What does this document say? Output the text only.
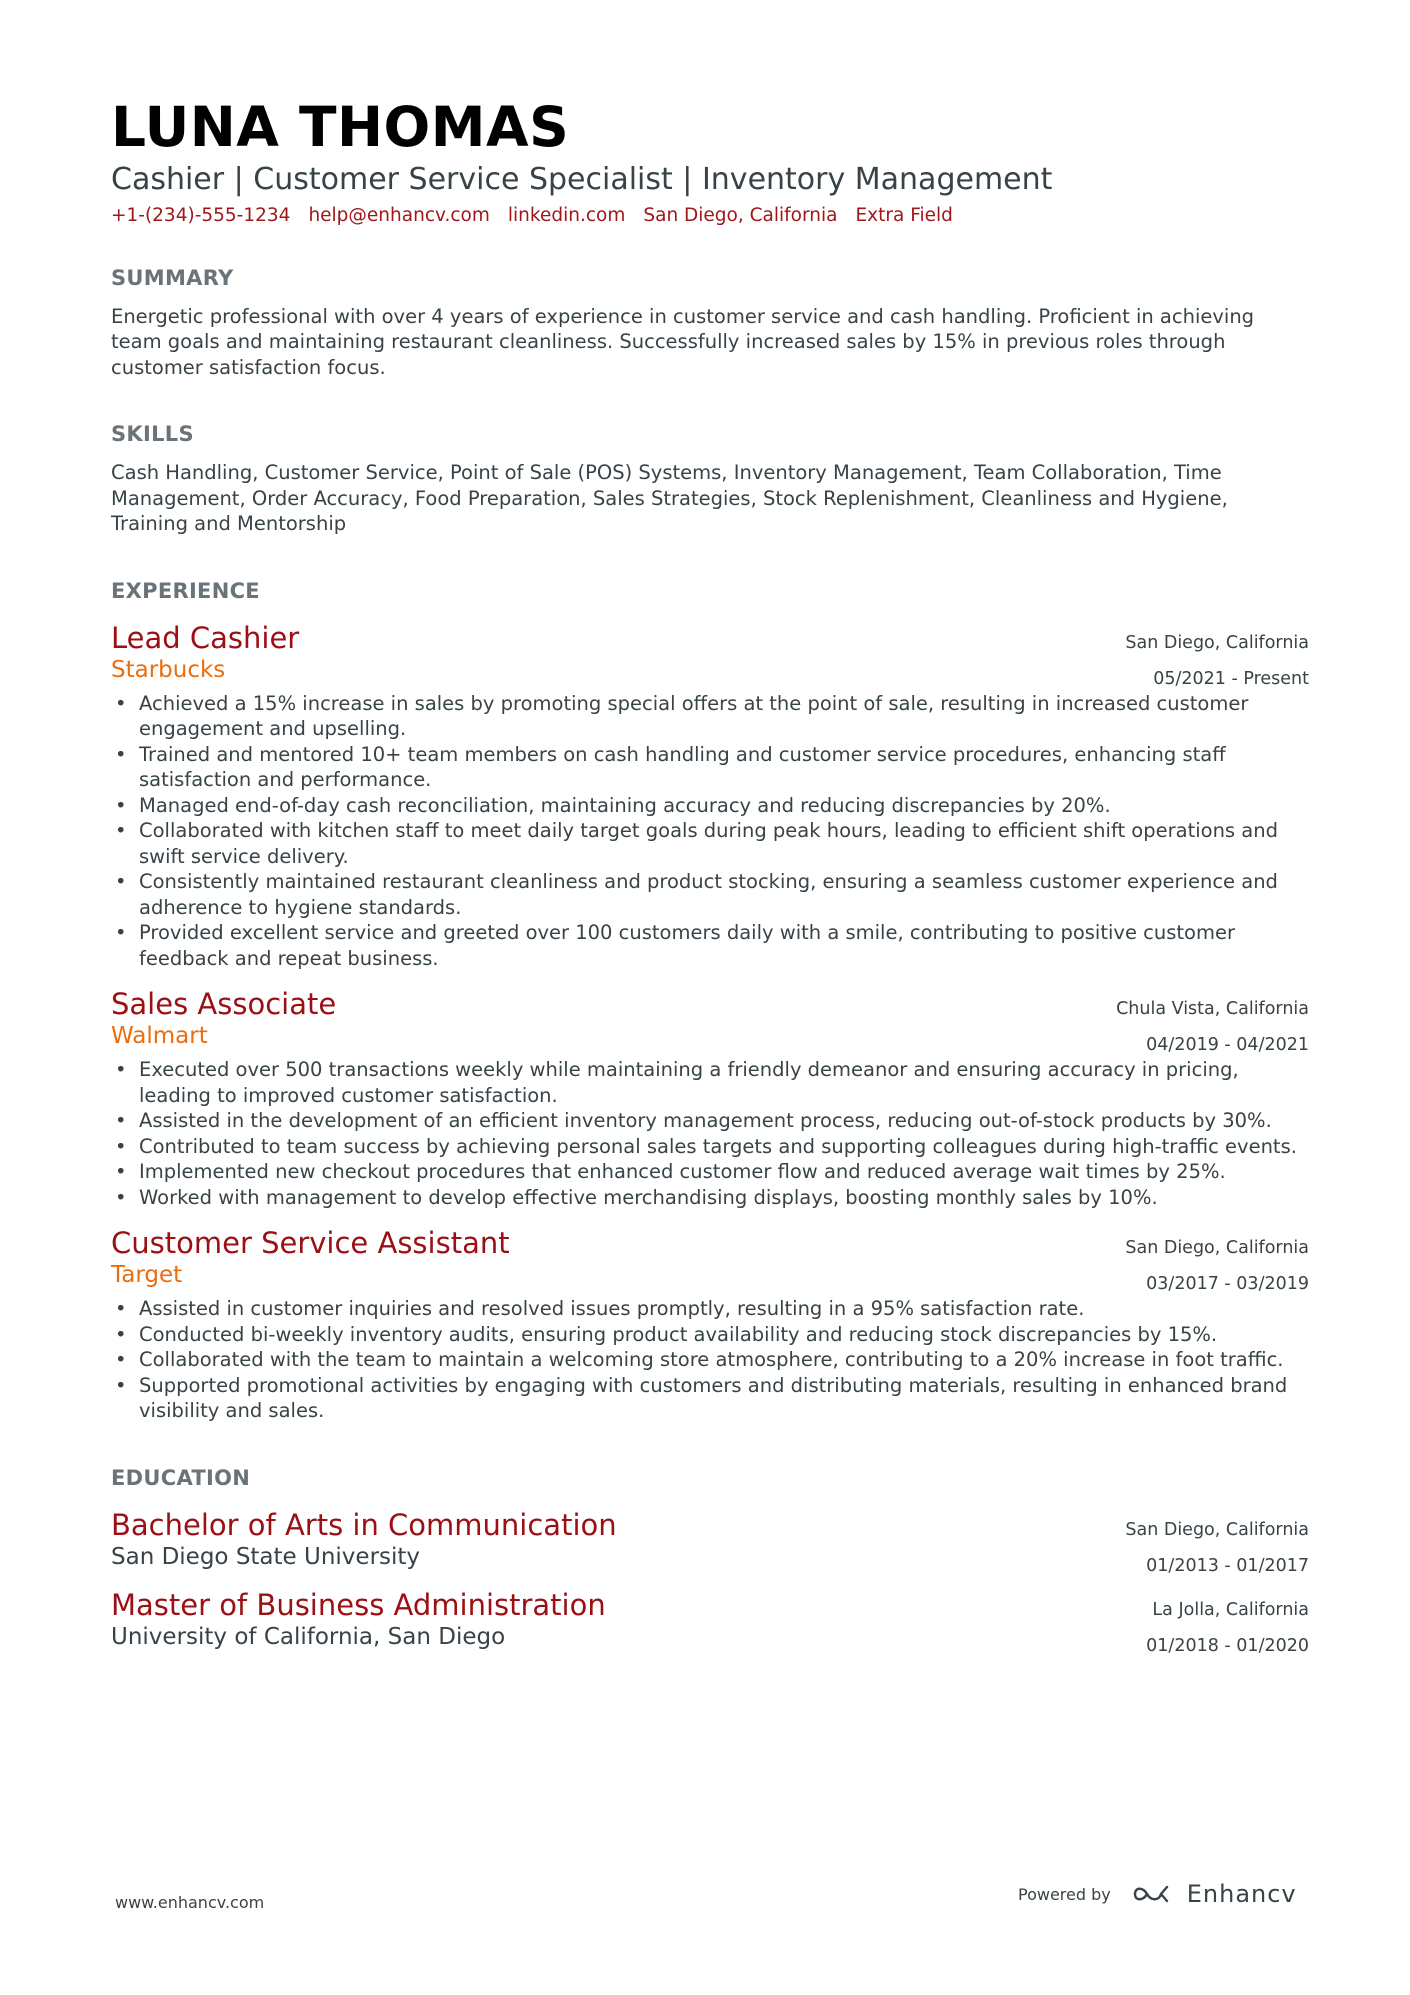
LUNA THOMAS
Cashier | Customer Service Specialist | Inventory Management
+1-(234)-555-1234 help@enhancv.com linkedin.com San Diego, California Extra Field
SUMMARY
Energetic professional with over 4 years of experience in customer service and cash handling. Proficient in achieving team goals and maintaining restaurant cleanliness. Successfully increased sales by 15% in previous roles through customer satisfaction focus.
SKILLS
Cash Handling, Customer Service, Point of Sale (POS) Systems, Inventory Management, Team Collaboration, Time Management, Order Accuracy, Food Preparation, Sales Strategies, Stock Replenishment, Cleanliness and Hygiene, Training and Mentorship
EXPERIENCE
Lead Cashier
Starbucks
San Diego, California
05/2021 - Present
• Achieved a 15% increase in sales by promoting special offers at the point of sale, resulting in increased customer engagement and upselling.
• Trained and mentored 10+ team members on cash handling and customer service procedures, enhancing staff satisfaction and performance.
• Managed end-of-day cash reconciliation, maintaining accuracy and reducing discrepancies by 20%.
• Collaborated with kitchen staff to meet daily target goals during peak hours, leading to efficient shift operations and swift service delivery.
• Consistently maintained restaurant cleanliness and product stocking, ensuring a seamless customer experience and adherence to hygiene standards.
• Provided excellent service and greeted over 100 customers daily with a smile, contributing to positive customer feedback and repeat business.
Sales Associate
Walmart
Chula Vista, California
04/2019 - 04/2021
• Executed over 500 transactions weekly while maintaining a friendly demeanor and ensuring accuracy in pricing, leading to improved customer satisfaction.
• Assisted in the development of an efficient inventory management process, reducing out-of-stock products by 30%.
• Contributed to team success by achieving personal sales targets and supporting colleagues during high-traffic events.
• Implemented new checkout procedures that enhanced customer flow and reduced average wait times by 25%.
• Worked with management to develop effective merchandising displays, boosting monthly sales by 10%.
Customer Service Assistant
Target
San Diego, California
03/2017 - 03/2019
• Assisted in customer inquiries and resolved issues promptly, resulting in a 95% satisfaction rate.
• Conducted bi-weekly inventory audits, ensuring product availability and reducing stock discrepancies by 15%.
• Collaborated with the team to maintain a welcoming store atmosphere, contributing to a 20% increase in foot traffic.
• Supported promotional activities by engaging with customers and distributing materials, resulting in enhanced brand visibility and sales.
EDUCATION
Bachelor of Arts in Communication
San Diego State University
San Diego, California
01/2013 - 01/2017
Master of Business Administration
University of California, San Diego
La Jolla, California
01/2018 - 01/2020
www.enhancv.com	Powered by	Enhancv
